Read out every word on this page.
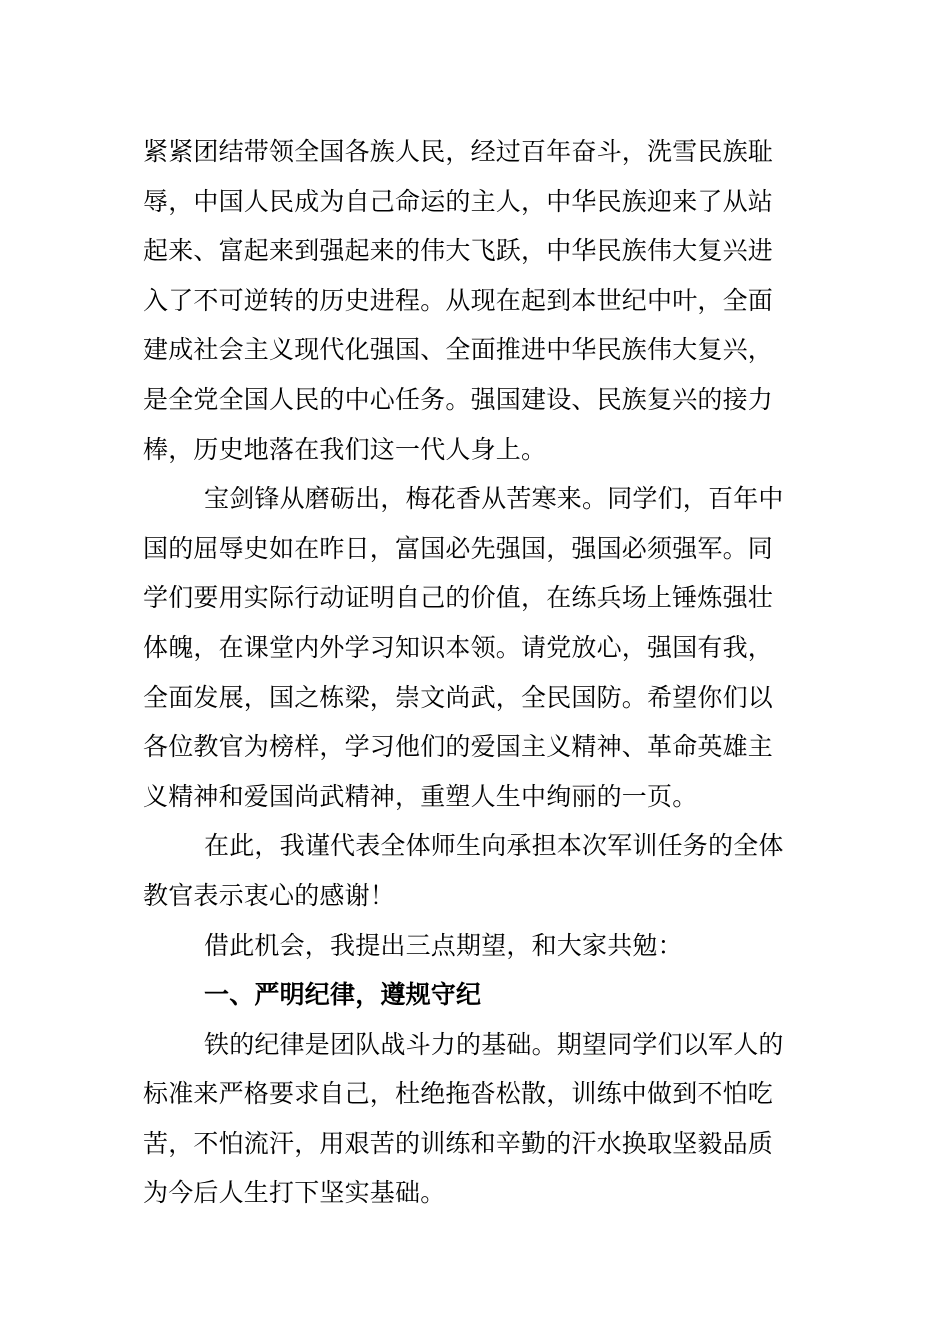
紧紧团结带领全国各族人民，经过百年奋斗，洗雪民族耻
辱，中国人民成为自己命运的主人，中华民族迎来了从站
起来、富起来到强起来的伟大飞跃，中华民族伟大复兴进
入了不可逆转的历史进程。从现在起到本世纪中叶，全面
建成社会主义现代化强国、全面推进中华民族伟大复兴，
是全党全国人民的中心任务。强国建设、民族复兴的接力
棒，历史地落在我们这一代人身上。
宝剑锋从磨砺出，梅花香从苦寒来。同学们，百年中
国的屈辱史如在昨日，富国必先强国，强国必须强军。同
学们要用实际行动证明自己的价值，在练兵场上锤炼强壮
体魄，在课堂内外学习知识本领。请党放心，强国有我，
全面发展，国之栋梁，崇文尚武，全民国防。希望你们以
各位教官为榜样，学习他们的爱国主义精神、革命英雄主
义精神和爱国尚武精神，重塑人生中绚丽的一页。
在此，我谨代表全体师生向承担本次军训任务的全体
教官表示衷心的感谢！
借此机会，我提出三点期望，和大家共勉：
一、严明纪律，遵规守纪
铁的纪律是团队战斗力的基础。期望同学们以军人的
标准来严格要求自己，杜绝拖沓松散，训练中做到不怕吃
苦，不怕流汗，用艰苦的训练和辛勤的汗水换取坚毅品质
为今后人生打下坚实基础。
